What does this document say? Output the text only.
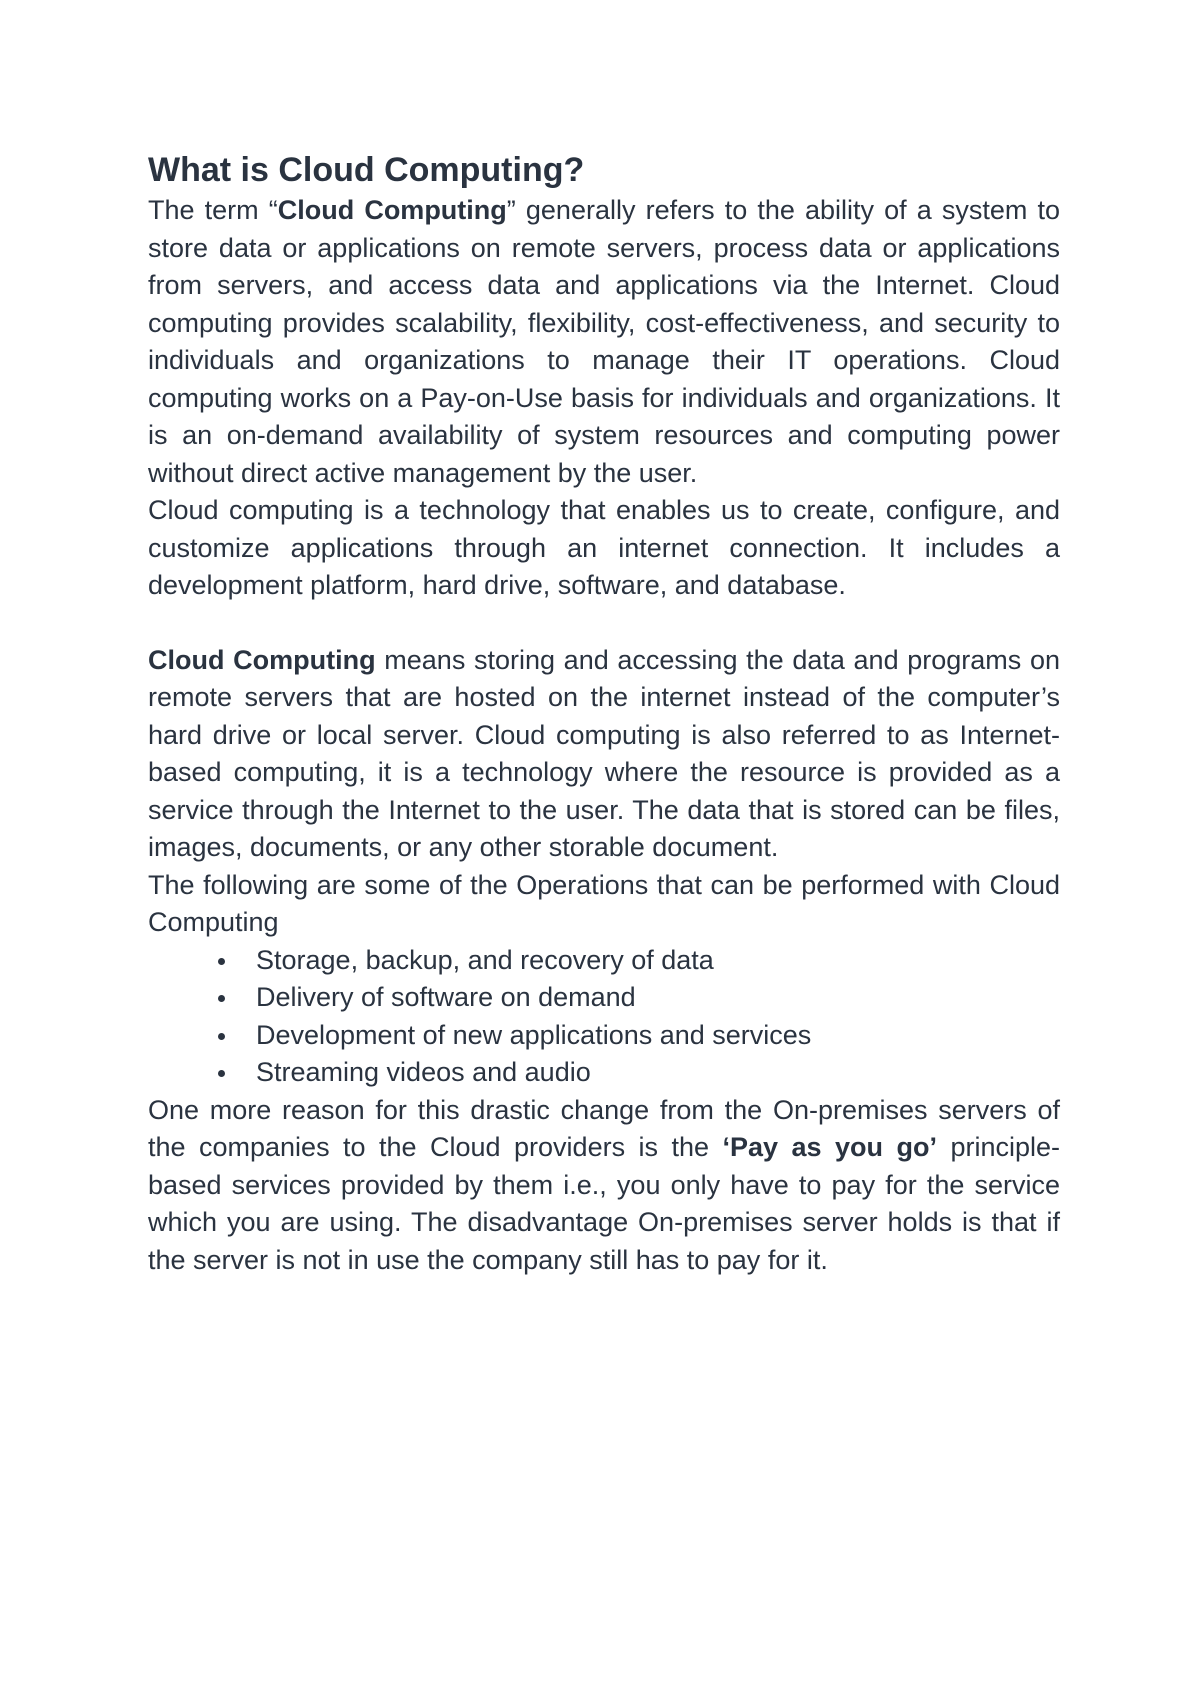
What is Cloud Computing?

The term “Cloud Computing” generally refers to the ability of a system to store data or applications on remote servers, process data or applications from servers, and access data and applications via the Internet. Cloud computing provides scalability, flexibility, cost-effectiveness, and security to individuals and organizations to manage their IT operations. Cloud computing works on a Pay-on-Use basis for individuals and organizations. It is an on-demand availability of system resources and computing power without direct active management by the user.

Cloud computing is a technology that enables us to create, configure, and customize applications through an internet connection. It includes a development platform, hard drive, software, and database.

Cloud Computing means storing and accessing the data and programs on remote servers that are hosted on the internet instead of the computer’s hard drive or local server. Cloud computing is also referred to as Internet-based computing, it is a technology where the resource is provided as a service through the Internet to the user. The data that is stored can be files, images, documents, or any other storable document.

The following are some of the Operations that can be performed with Cloud Computing

Storage, backup, and recovery of data
Delivery of software on demand
Development of new applications and services
Streaming videos and audio

One more reason for this drastic change from the On-premises servers of the companies to the Cloud providers is the ‘Pay as you go’ principle-based services provided by them i.e., you only have to pay for the service which you are using. The disadvantage On-premises server holds is that if the server is not in use the company still has to pay for it.
